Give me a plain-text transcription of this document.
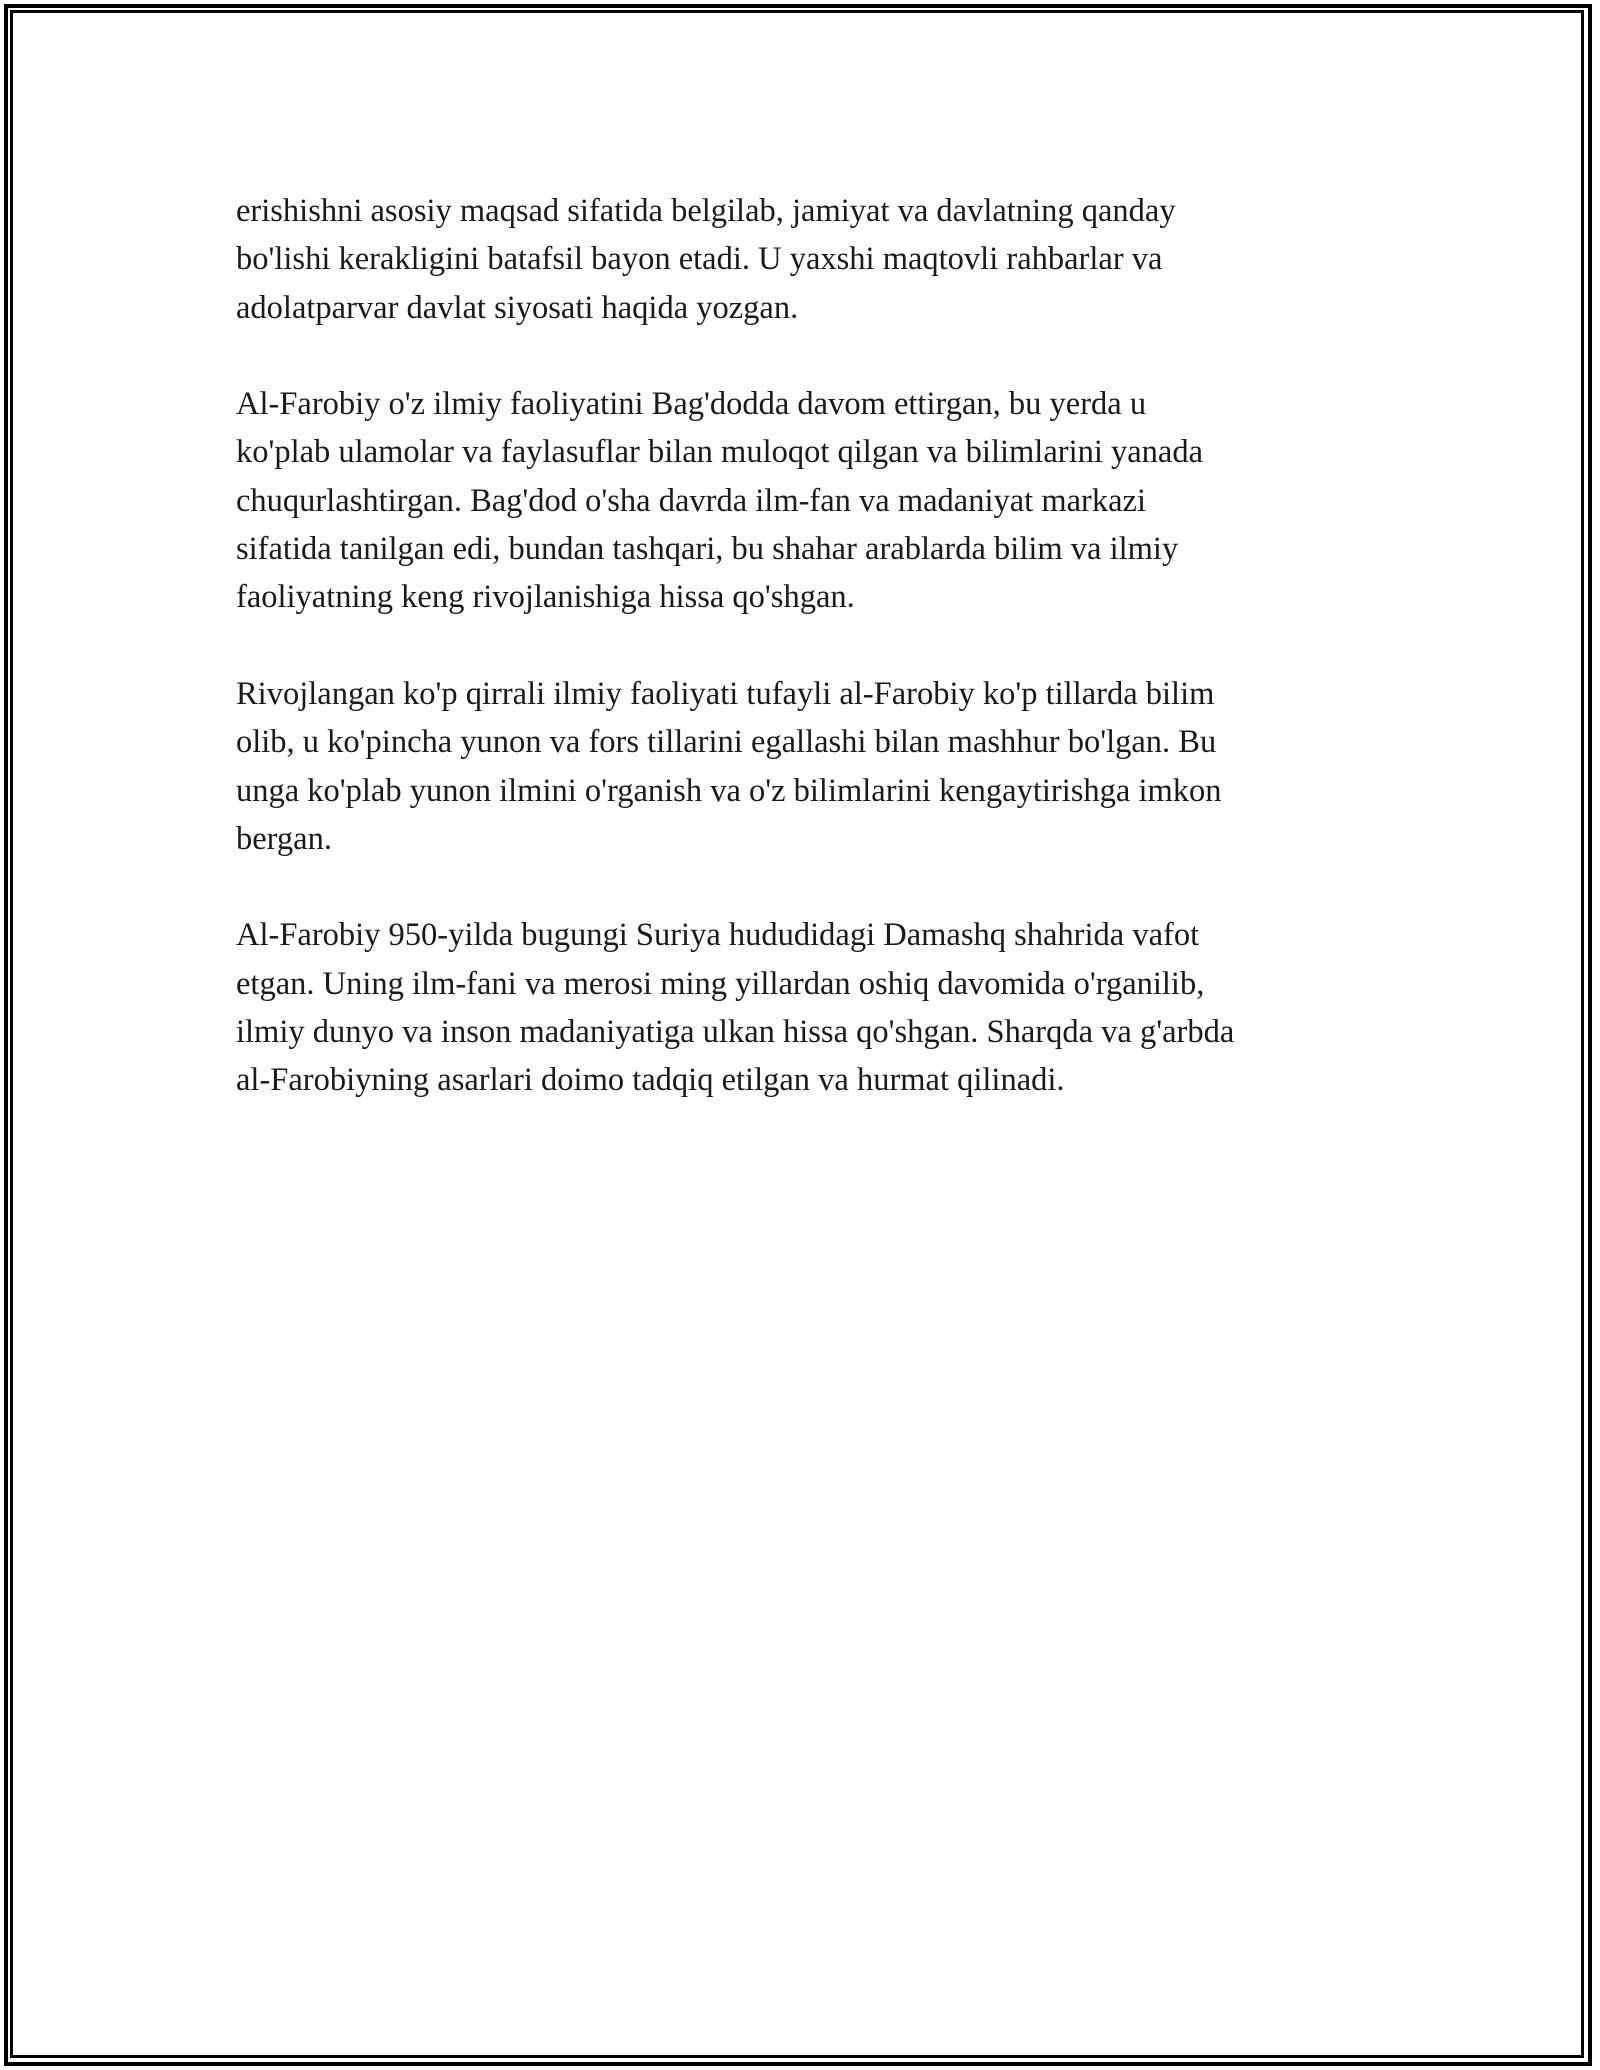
erishishni asosiy maqsad sifatida belgilab, jamiyat va davlatning qanday
bo'lishi kerakligini batafsil bayon etadi. U yaxshi maqtovli rahbarlar va
adolatparvar davlat siyosati haqida yozgan.

Al-Farobiy o'z ilmiy faoliyatini Bag'dodda davom ettirgan, bu yerda u
ko'plab ulamolar va faylasuflar bilan muloqot qilgan va bilimlarini yanada
chuqurlashtirgan. Bag'dod o'sha davrda ilm-fan va madaniyat markazi
sifatida tanilgan edi, bundan tashqari, bu shahar arablarda bilim va ilmiy
faoliyatning keng rivojlanishiga hissa qo'shgan.

Rivojlangan ko'p qirrali ilmiy faoliyati tufayli al-Farobiy ko'p tillarda bilim
olib, u ko'pincha yunon va fors tillarini egallashi bilan mashhur bo'lgan. Bu
unga ko'plab yunon ilmini o'rganish va o'z bilimlarini kengaytirishga imkon
bergan.

Al-Farobiy 950-yilda bugungi Suriya hududidagi Damashq shahrida vafot
etgan. Uning ilm-fani va merosi ming yillardan oshiq davomida o'rganilib,
ilmiy dunyo va inson madaniyatiga ulkan hissa qo'shgan. Sharqda va g'arbda
al-Farobiyning asarlari doimo tadqiq etilgan va hurmat qilinadi.
